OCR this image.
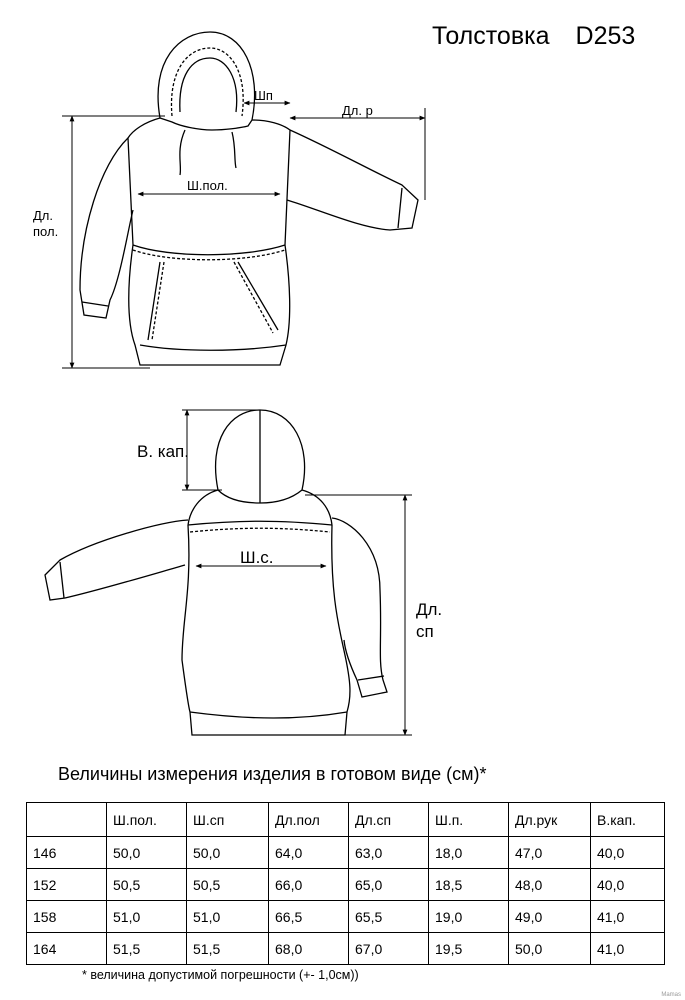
Толстовка D253
Шп
Дл. р
Ш.пол.
Дл.
пол.
В. кап.
Ш.с.
Дл.
сп
Величины измерения изделия в готовом виде (см)*
	Ш.пол.	Ш.сп	Дл.пол	Дл.сп	Ш.п.	Дл.рук	В.кап.
146	50,0	50,0	64,0	63,0	18,0	47,0	40,0
152	50,5	50,5	66,0	65,0	18,5	48,0	40,0
158	51,0	51,0	66,5	65,5	19,0	49,0	41,0
164	51,5	51,5	68,0	67,0	19,5	50,0	41,0
* величина допустимой погрешности (+- 1,0см))
Mamas
